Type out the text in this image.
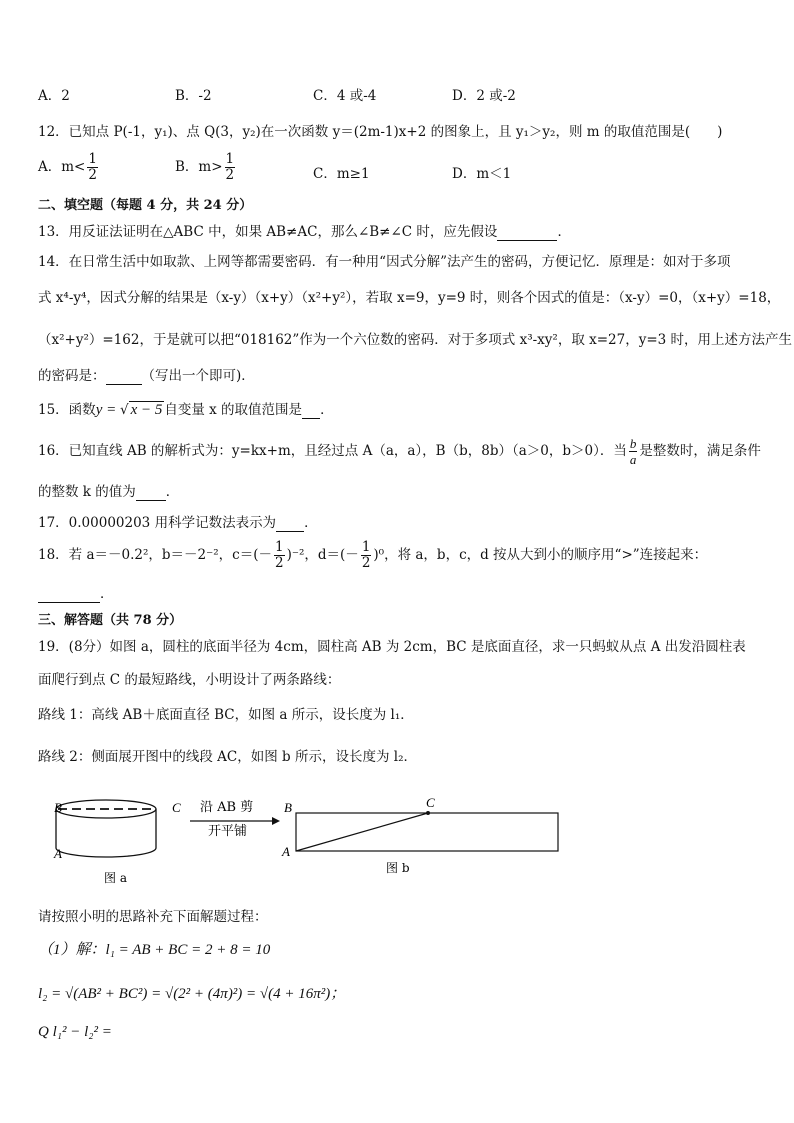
A．2	B．-2	C．4 或-4	D．2 或-2
12．已知点 P(-1，y₁)、点 Q(3，y₂)在一次函数 y＝(2m-1)x+2 的图象上，且 y₁＞y₂，则 m 的取值范围是(　　)
A．$m< \frac{1}{2}$	B．$m> \frac{1}{2}$	C．m≥1	D．m＜1
二、填空题（每题 4 分，共 24 分）
13．用反证法证明在△ABC 中，如果 AB≠AC，那么∠B≠∠C 时，应先假设	．
14．在日常生活中如取款、上网等都需要密码．有一种用“因式分解”法产生的密码，方便记忆．原理是：如对于多项
式 x⁴-y⁴，因式分解的结果是（x-y）（x+y）（x²+y²），若取 x=9，y=9 时，则各个因式的值是：（x-y）=0，（x+y）=18，
（x²+y²）=162，于是就可以把“018162”作为一个六位数的密码．对于多项式 x³-xy²，取 x=27，y=3 时，用上述方法产生
的密码是：	（写出一个即可)．
15．函数y = √ x − 5 自变量 x 的取值范围是 ．
16．已知直线 AB 的解析式为：y=kx+m，且经过点 A（a，a），B（b，8b）（a＞0，b＞0）．当 $\frac{b}{a}$ 是整数时，满足条件
的整数 k 的值为 ．
17．0.00000203 用科学记数法表示为 ．
18．若 a＝－0.2²，b＝－2⁻²，$c=(- \frac{1}{2} )^{-2}$，$d=(- \frac{1}{2} )^0$，将 a，b，c，d 按从大到小的顺序用“>”连接起来：
．
三、解答题（共 78 分）
19．(8分）如图 a，圆柱的底面半径为 4cm，圆柱高 AB 为 2cm，BC 是底面直径，求一只蚂蚁从点 A 出发沿圆柱表
面爬行到点 C 的最短路线，小明设计了两条路线：
路线 1：高线 AB＋底面直径 BC，如图 a 所示，设长度为 l₁．
路线 2：侧面展开图中的线段 AC，如图 b 所示，设长度为 l₂．
B	C
A
沿 AB 剪
开平铺
B	C
A
图 a
图 b
请按照小明的思路补充下面解题过程：
（1）解：l₁ = AB + BC = 2 + 8 = 10
l₂ = √(AB² + BC²) = √(2² + (4π)²) = √(4 + 16π²)；
Q l₁² − l₂² =
